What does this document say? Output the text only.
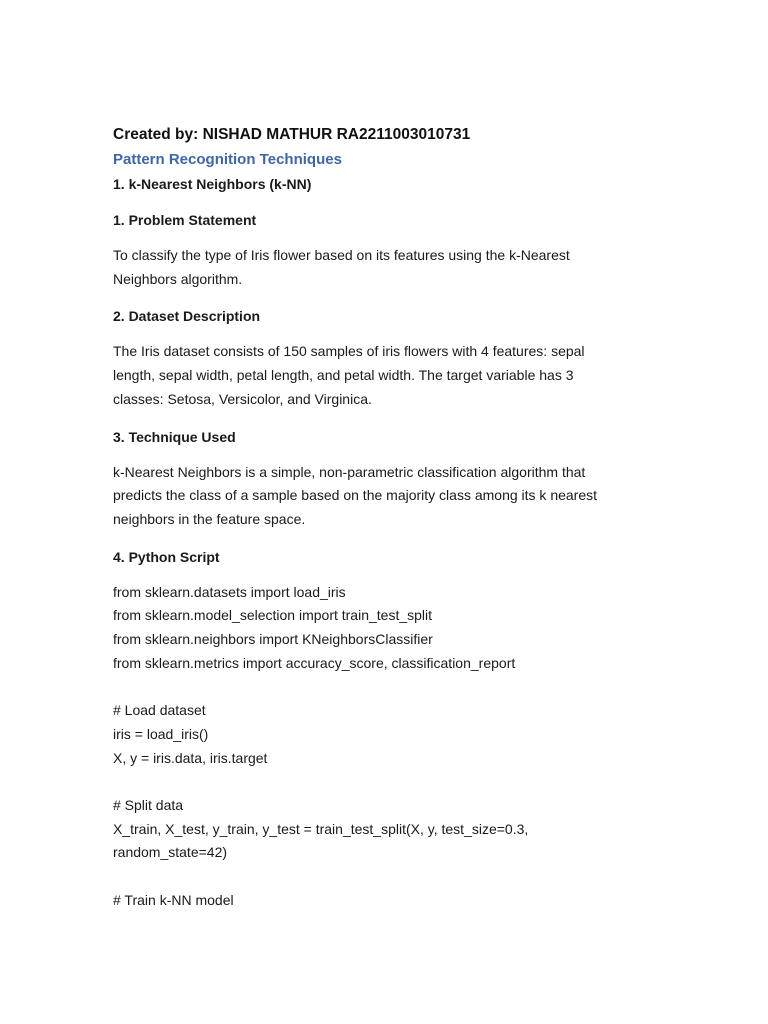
Created by: NISHAD MATHUR RA2211003010731

Pattern Recognition Techniques

1. k-Nearest Neighbors (k-NN)

1. Problem Statement

To classify the type of Iris flower based on its features using the k-Nearest
Neighbors algorithm.

2. Dataset Description

The Iris dataset consists of 150 samples of iris flowers with 4 features: sepal
length, sepal width, petal length, and petal width. The target variable has 3
classes: Setosa, Versicolor, and Virginica.

3. Technique Used

k-Nearest Neighbors is a simple, non-parametric classification algorithm that
predicts the class of a sample based on the majority class among its k nearest
neighbors in the feature space.

4. Python Script

from sklearn.datasets import load_iris
from sklearn.model_selection import train_test_split
from sklearn.neighbors import KNeighborsClassifier
from sklearn.metrics import accuracy_score, classification_report
# Load dataset
iris = load_iris()
X, y = iris.data, iris.target
# Split data
X_train, X_test, y_train, y_test = train_test_split(X, y, test_size=0.3,
random_state=42)
# Train k-NN model
